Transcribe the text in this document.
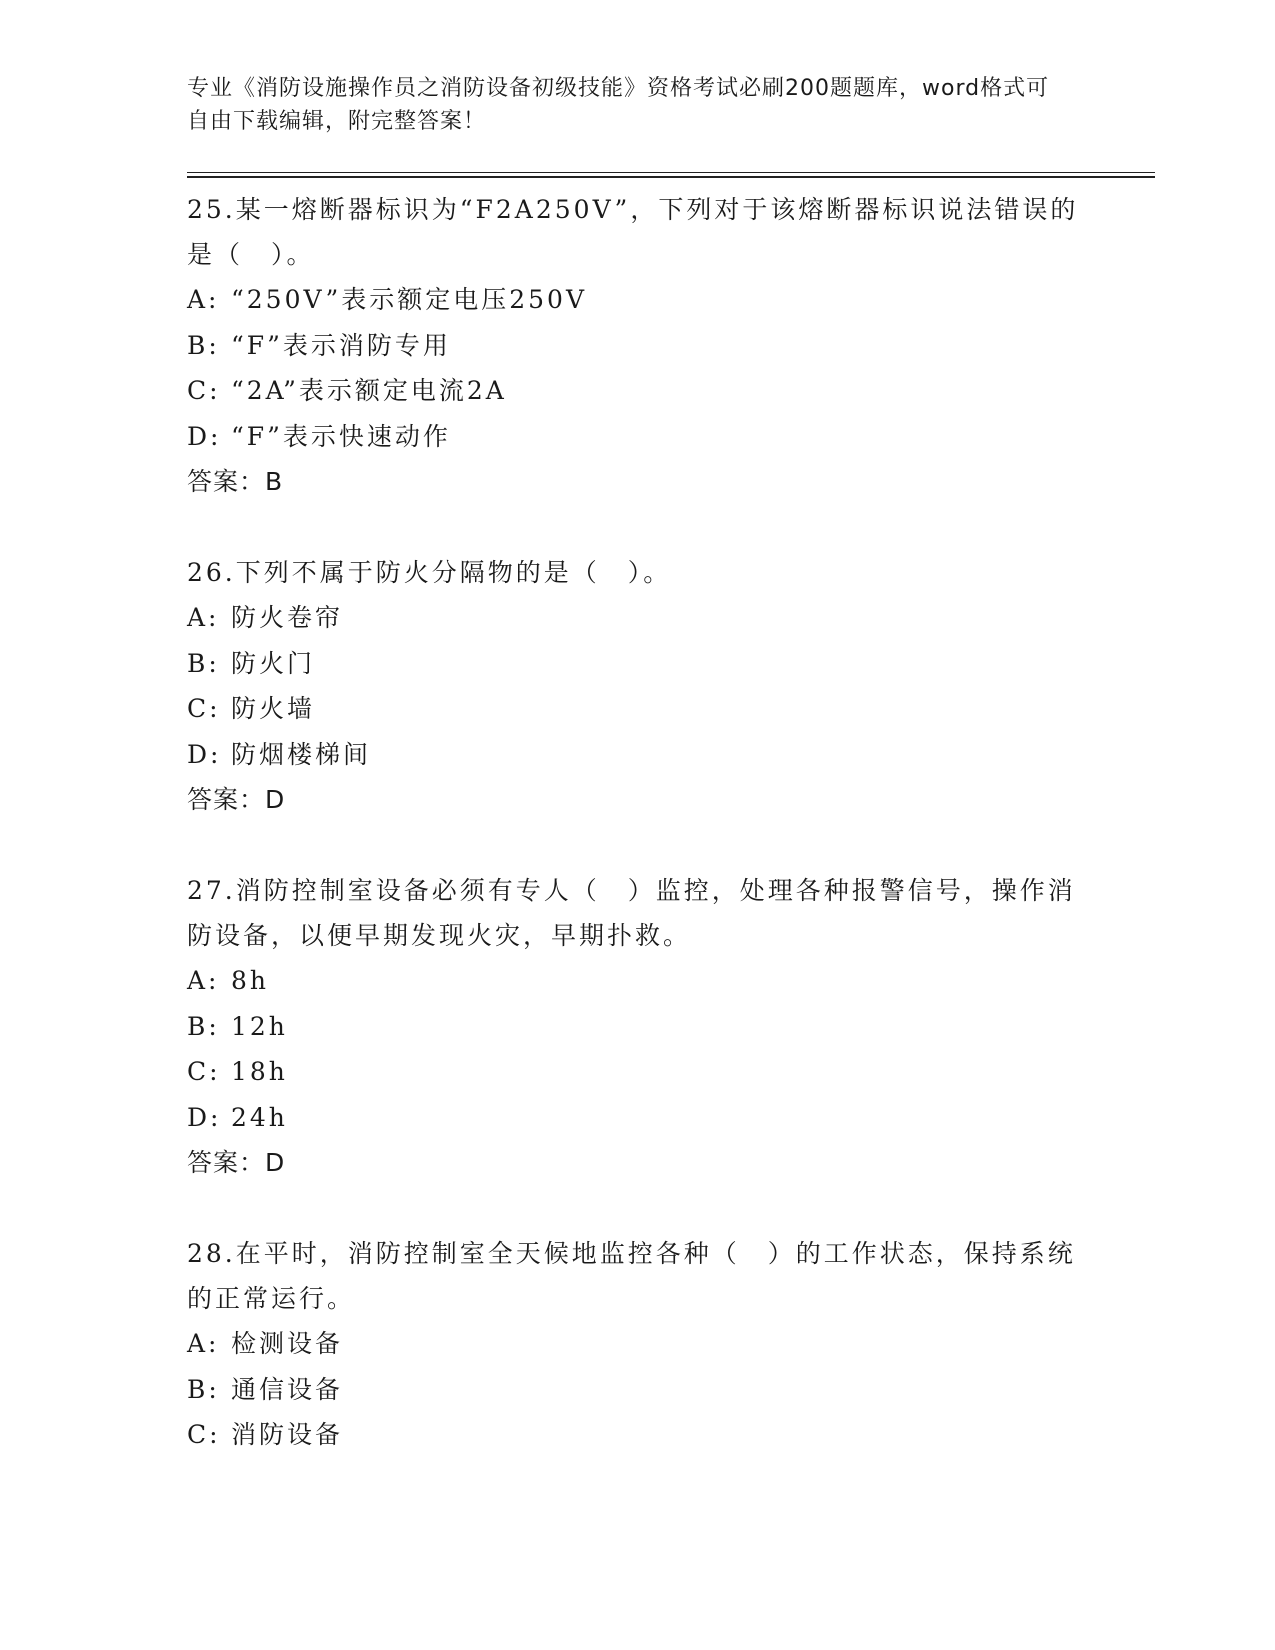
专业《消防设施操作员之消防设备初级技能》资格考试必刷200题题库，word格式可自由下载编辑，附完整答案！
25.某一熔断器标识为“F2A250V”，下列对于该熔断器标识说法错误的是（　）。
A: “250V”表示额定电压250V
B: “F”表示消防专用
C: “2A”表示额定电流2A
D: “F”表示快速动作
答案：B
26.下列不属于防火分隔物的是（　）。
A: 防火卷帘
B: 防火门
C: 防火墙
D: 防烟楼梯间
答案：D
27.消防控制室设备必须有专人（　）监控，处理各种报警信号，操作消防设备，以便早期发现火灾，早期扑救。
A: 8h
B: 12h
C: 18h
D: 24h
答案：D
28.在平时，消防控制室全天候地监控各种（　）的工作状态，保持系统的正常运行。
A: 检测设备
B: 通信设备
C: 消防设备
